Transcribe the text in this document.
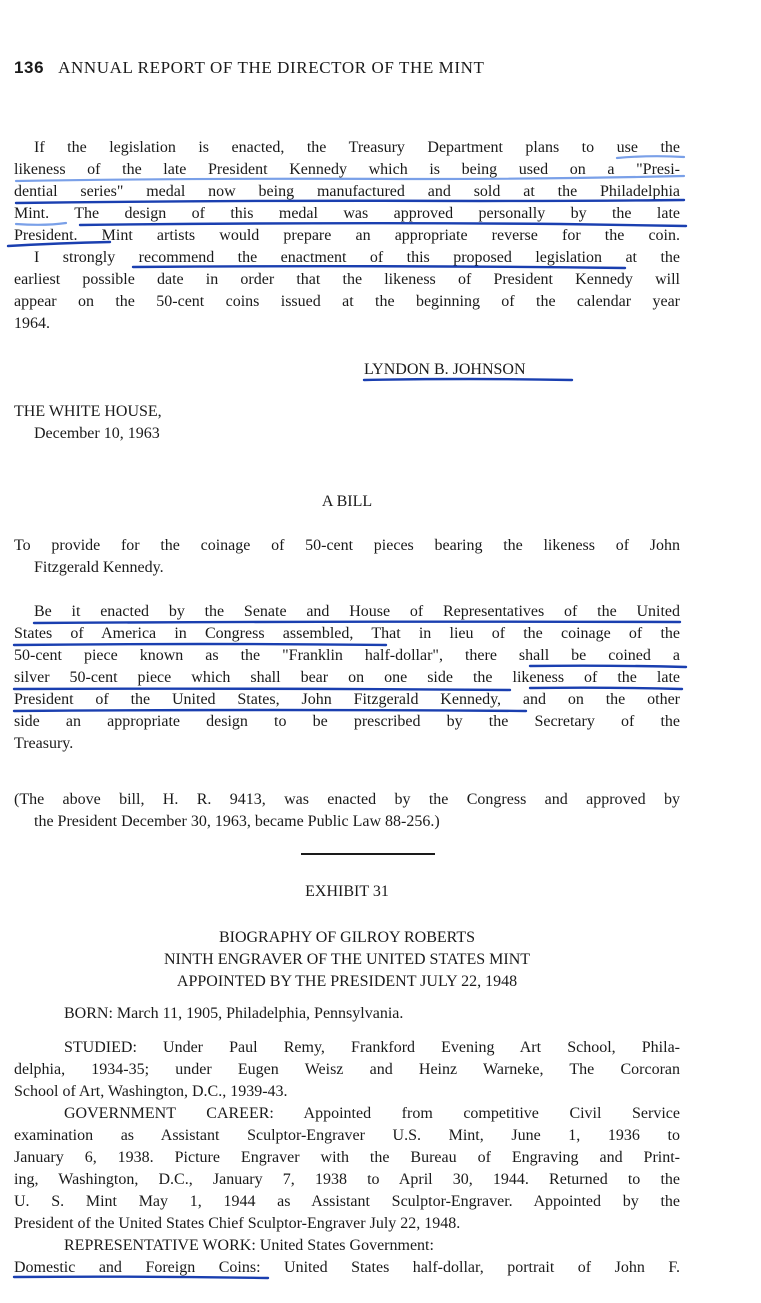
136 ANNUAL REPORT OF THE DIRECTOR OF THE MINT
If the legislation is enacted, the Treasury Department plans to use the
likeness of the late President Kennedy which is being used on a "Presi-
dential series" medal now being manufactured and sold at the Philadelphia
Mint. The design of this medal was approved personally by the late
President. Mint artists would prepare an appropriate reverse for the coin.
I strongly recommend the enactment of this proposed legislation at the
earliest possible date in order that the likeness of President Kennedy will
appear on the 50-cent coins issued at the beginning of the calendar year
1964.
LYNDON B. JOHNSON
THE WHITE HOUSE,
December 10, 1963
A BILL
To provide for the coinage of 50-cent pieces bearing the likeness of John
Fitzgerald Kennedy.
Be it enacted by the Senate and House of Representatives of the United
States of America in Congress assembled, That in lieu of the coinage of the
50-cent piece known as the "Franklin half-dollar", there shall be coined a
silver 50-cent piece which shall bear on one side the likeness of the late
President of the United States, John Fitzgerald Kennedy, and on the other
side an appropriate design to be prescribed by the Secretary of the
Treasury.
(The above bill, H. R. 9413, was enacted by the Congress and approved by
the President December 30, 1963, became Public Law 88-256.)
EXHIBIT 31
BIOGRAPHY OF GILROY ROBERTS
NINTH ENGRAVER OF THE UNITED STATES MINT
APPOINTED BY THE PRESIDENT JULY 22, 1948
BORN: March 11, 1905, Philadelphia, Pennsylvania.
STUDIED: Under Paul Remy, Frankford Evening Art School, Phila-
delphia, 1934-35; under Eugen Weisz and Heinz Warneke, The Corcoran
School of Art, Washington, D.C., 1939-43.
GOVERNMENT CAREER: Appointed from competitive Civil Service
examination as Assistant Sculptor-Engraver U.S. Mint, June 1, 1936 to
January 6, 1938. Picture Engraver with the Bureau of Engraving and Print-
ing, Washington, D.C., January 7, 1938 to April 30, 1944. Returned to the
U. S. Mint May 1, 1944 as Assistant Sculptor-Engraver. Appointed by the
President of the United States Chief Sculptor-Engraver July 22, 1948.
REPRESENTATIVE WORK: United States Government:
Domestic and Foreign Coins: United States half-dollar, portrait of John F.
